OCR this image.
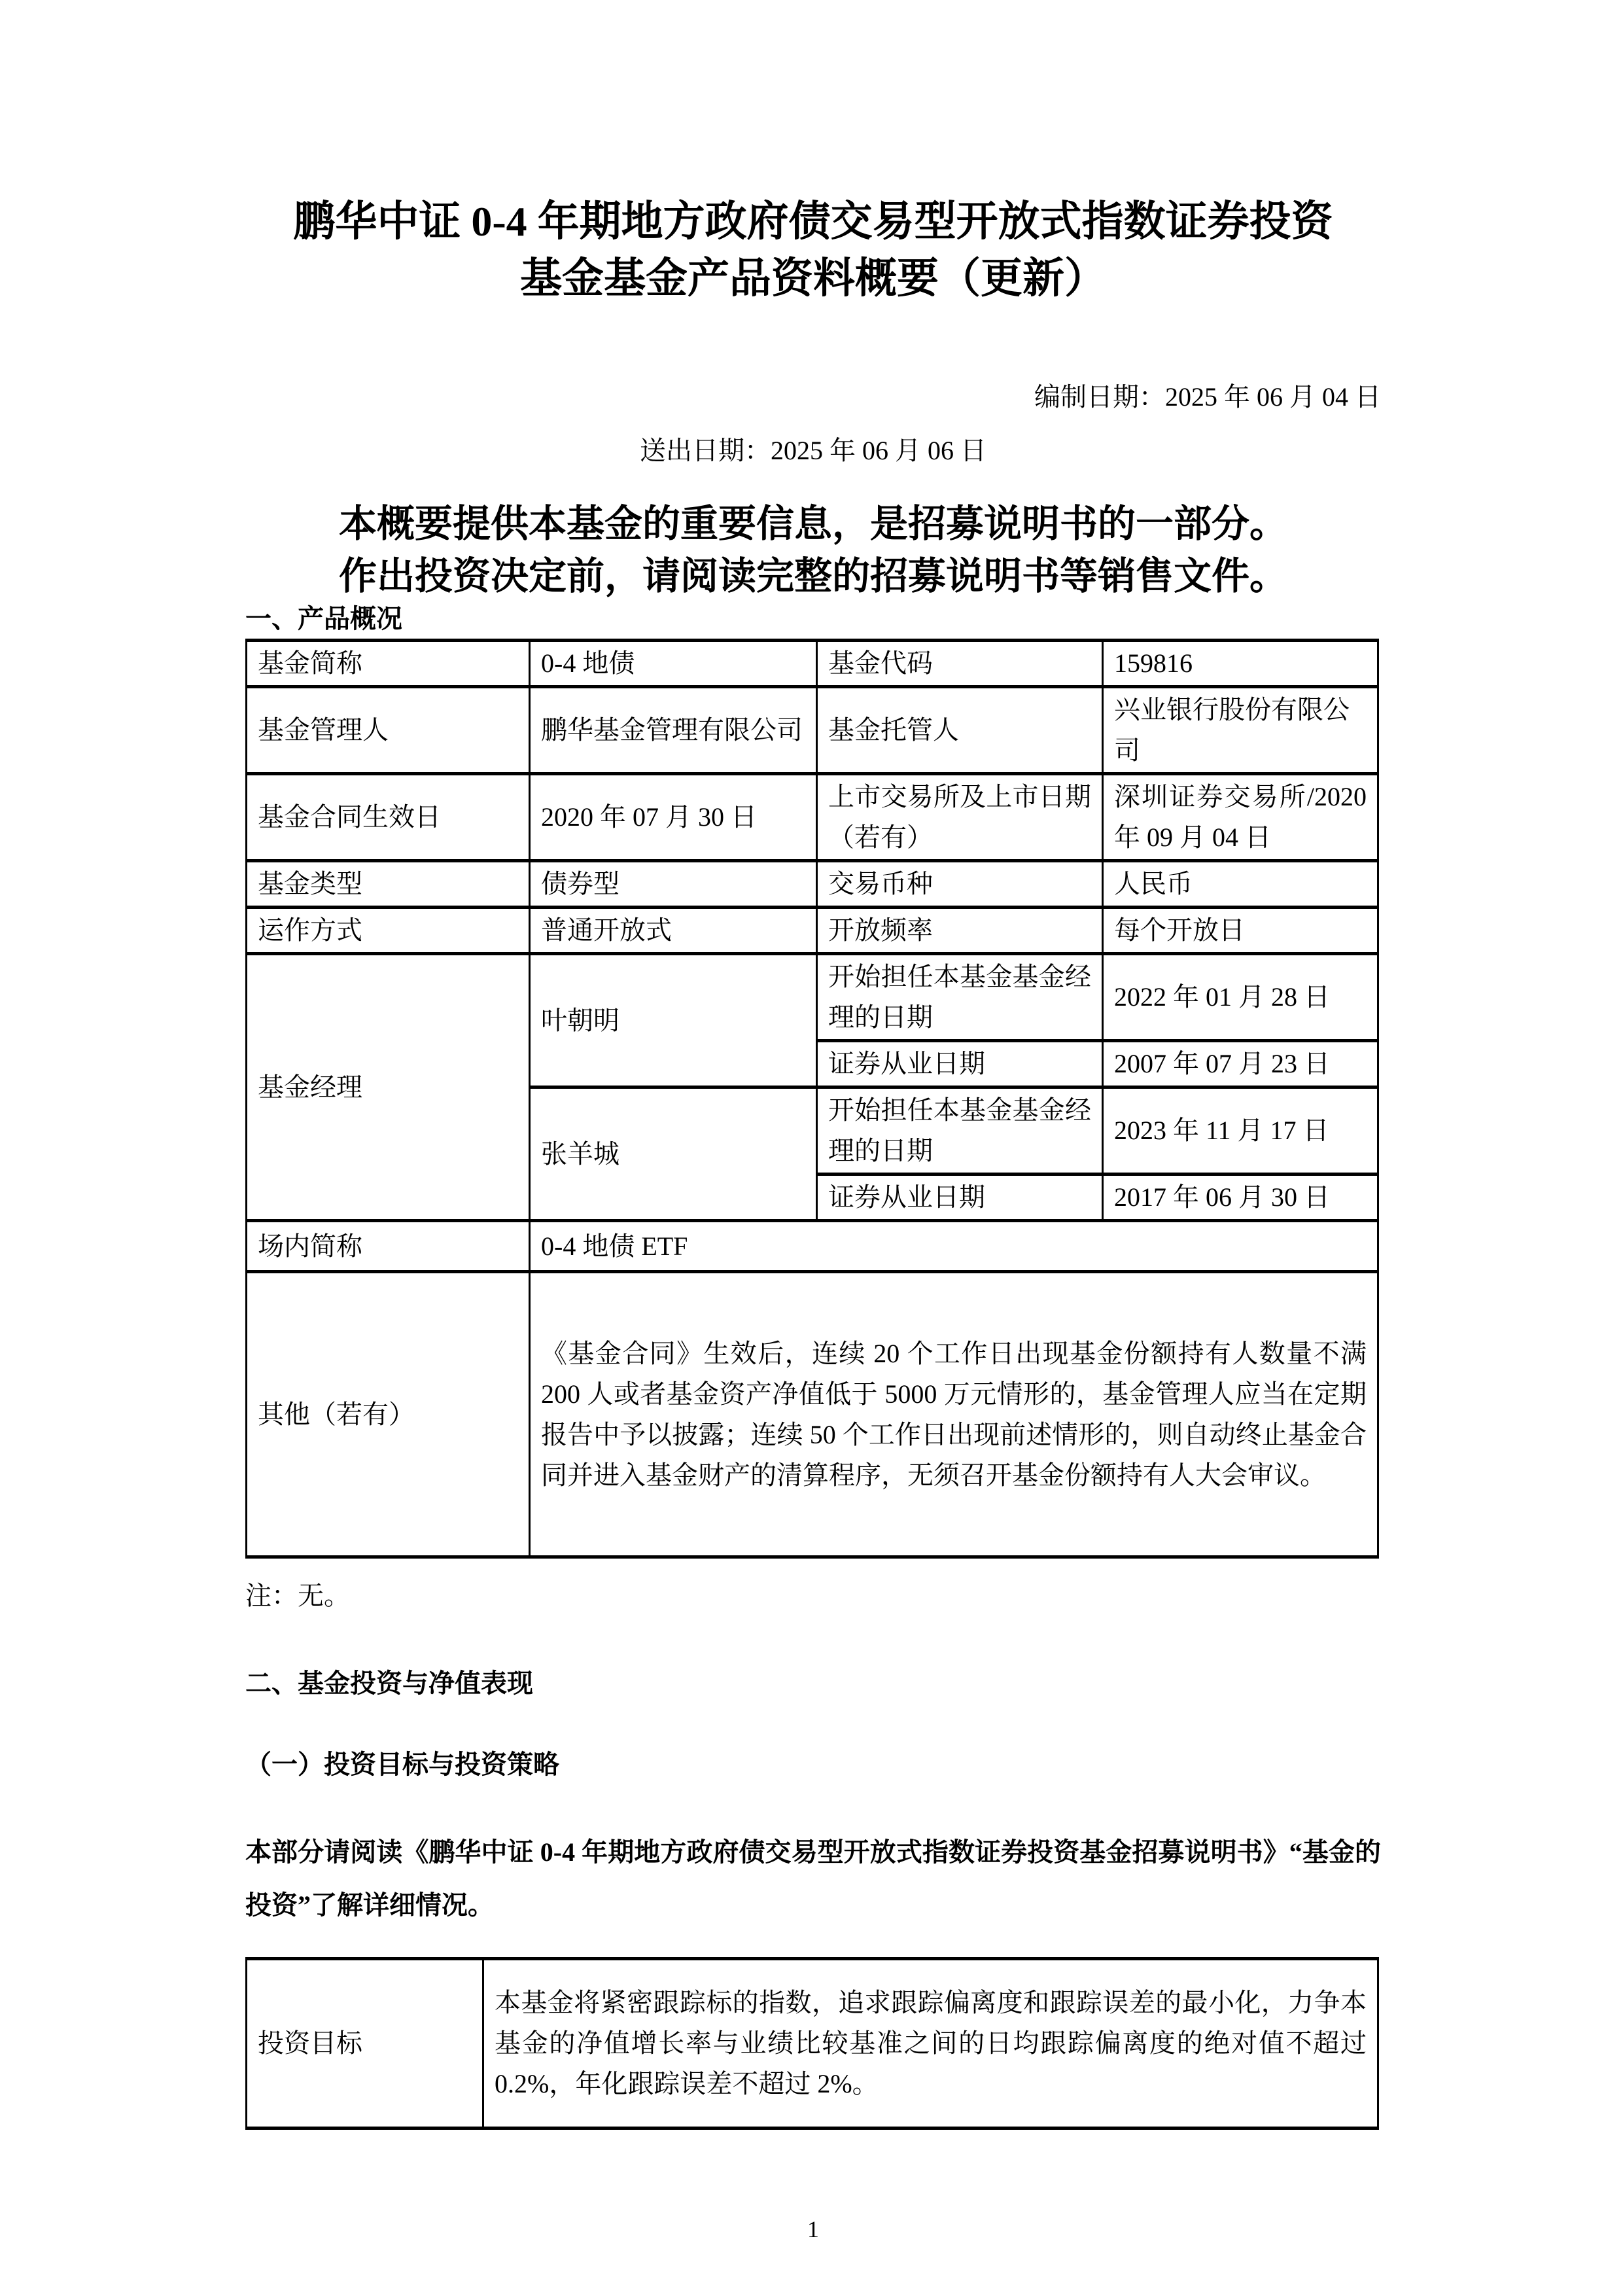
鹏华中证 0-4 年期地方政府债交易型开放式指数证券投资
基金基金产品资料概要（更新）
编制日期：2025 年 06 月 04 日
送出日期：2025 年 06 月 06 日
本概要提供本基金的重要信息，是招募说明书的一部分。
作出投资决定前，请阅读完整的招募说明书等销售文件。
一、产品概况
基金简称	0-4 地债	基金代码	159816
基金管理人	鹏华基金管理有限公司	基金托管人	兴业银行股份有限公司
基金合同生效日	2020 年 07 月 30 日	上市交易所及上市日期（若有）	深圳证券交易所/2020 年 09 月 04 日
基金类型	债券型	交易币种	人民币
运作方式	普通开放式	开放频率	每个开放日
基金经理	叶朝明	开始担任本基金基金经理的日期	2022 年 01 月 28 日
		证券从业日期	2007 年 07 月 23 日
	张羊城	开始担任本基金基金经理的日期	2023 年 11 月 17 日
		证券从业日期	2017 年 06 月 30 日
场内简称	0-4 地债 ETF		
其他（若有）	《基金合同》生效后，连续 20 个工作日出现基金份额持有人数量不满 200 人或者基金资产净值低于 5000 万元情形的，基金管理人应当在定期报告中予以披露；连续 50 个工作日出现前述情形的，则自动终止基金合同并进入基金财产的清算程序，无须召开基金份额持有人大会审议。		
注：无。
二、基金投资与净值表现
（一）投资目标与投资策略
本部分请阅读《鹏华中证 0-4 年期地方政府债交易型开放式指数证券投资基金招募说明书》“基金的投资”了解详细情况。
投资目标	本基金将紧密跟踪标的指数，追求跟踪偏离度和跟踪误差的最小化，力争本基金的净值增长率与业绩比较基准之间的日均跟踪偏离度的绝对值不超过 0.2%，年化跟踪误差不超过 2%。
1
